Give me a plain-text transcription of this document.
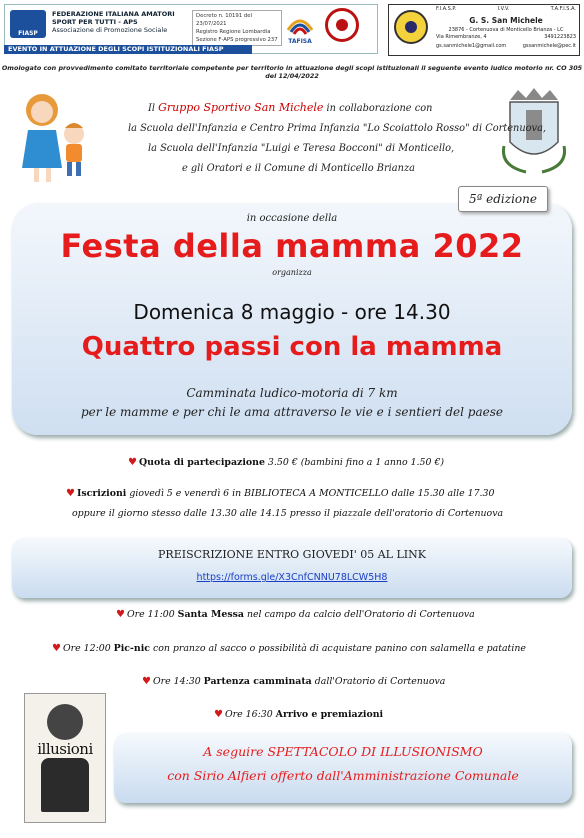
FIASP
FEDERAZIONE ITALIANA AMATORI
SPORT PER TUTTI - APS
Associazione di Promozione Sociale
Decreto n. 10191 del 23/07/2021
Registro Regione Lombardia
Sezione F-APS progressivo 237	TAFISA
EVENTO IN ATTUAZIONE DEGLI SCOPI ISTITUZIONALI FIASP
F.I.A.S.P.	I.V.V.	T.A.F.I.S.A.
G. S. San Michele
23876 - Cortenuova di Monticello Brianza - LC
Via Rimembranze, 4	3491223823
gs.sanmichele1@gmail.com	gssanmichele@pec.it
Omologato con provvedimento comitato territoriale competente per territorio in attuazione degli scopi istituzionali il seguente evento ludico motorio nr. CO 305 del 12/04/2022
Il Gruppo Sportivo San Michele in collaborazione con
la Scuola dell'Infanzia e Centro Prima Infanzia "Lo Scoiattolo Rosso" di Cortenuova,
la Scuola dell'Infanzia "Luigi e Teresa Bocconi" di Monticello,
e gli Oratori e il Comune di Monticello Brianza
5ª edizione
in occasione della
Festa della mamma 2022
organizza
Domenica 8 maggio - ore 14.30
Quattro passi con la mamma
Camminata ludico-motoria di 7 km
per le mamme e per chi le ama attraverso le vie e i sentieri del paese
♥ Quota di partecipazione 3.50 € (bambini fino a 1 anno 1.50 €)
♥ Iscrizioni giovedì 5 e venerdì 6 in BIBLIOTECA A MONTICELLO dalle 15.30 alle 17.30
oppure il giorno stesso dalle 13.30 alle 14.15 presso il piazzale dell'oratorio di Cortenuova
PREISCRIZIONE ENTRO GIOVEDI' 05 AL LINK
https://forms.gle/X3CnfCNNU78LCW5H8
♥ Ore 11:00 Santa Messa nel campo da calcio dell'Oratorio di Cortenuova
♥ Ore 12:00 Pic-nic con pranzo al sacco o possibilità di acquistare panino con salamella e patatine
♥ Ore 14:30 Partenza camminata dall'Oratorio di Cortenuova
♥ Ore 16:30 Arrivo e premiazioni
illusioni	A seguire SPETTACOLO DI ILLUSIONISMO
con Sirio Alfieri offerto dall'Amministrazione Comunale
